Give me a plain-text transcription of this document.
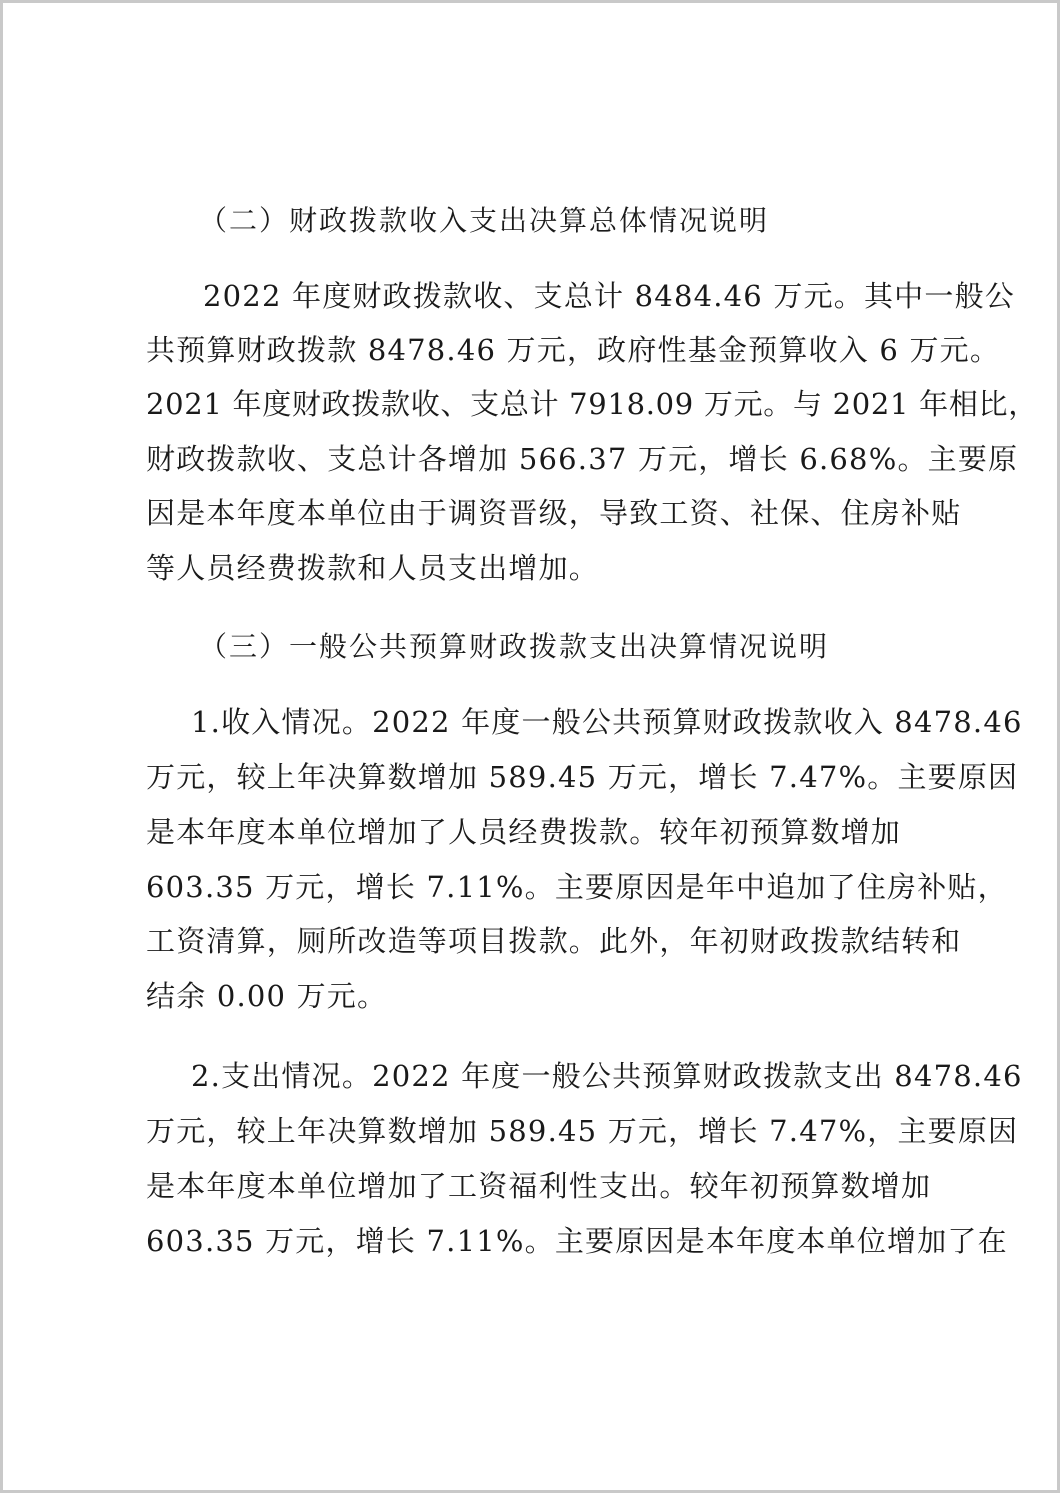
（二）财政拨款收入支出决算总体情况说明
2022 年度财政拨款收、支总计 8484.46 万元。其中一般公
共预算财政拨款 8478.46 万元，政府性基金预算收入 6 万元。
2021 年度财政拨款收、支总计 7918.09 万元。与 2021 年相比，
财政拨款收、支总计各增加 566.37 万元，增长 6.68%。主要原
因是本年度本单位由于调资晋级，导致工资、社保、住房补贴
等人员经费拨款和人员支出增加。
（三）一般公共预算财政拨款支出决算情况说明
1.收入情况。2022 年度一般公共预算财政拨款收入 8478.46
万元，较上年决算数增加 589.45 万元，增长 7.47%。主要原因
是本年度本单位增加了人员经费拨款。较年初预算数增加
603.35 万元，增长 7.11%。主要原因是年中追加了住房补贴，
工资清算，厕所改造等项目拨款。此外，年初财政拨款结转和
结余 0.00 万元。
2.支出情况。2022 年度一般公共预算财政拨款支出 8478.46
万元，较上年决算数增加 589.45 万元，增长 7.47%，主要原因
是本年度本单位增加了工资福利性支出。较年初预算数增加
603.35 万元，增长 7.11%。主要原因是本年度本单位增加了在
